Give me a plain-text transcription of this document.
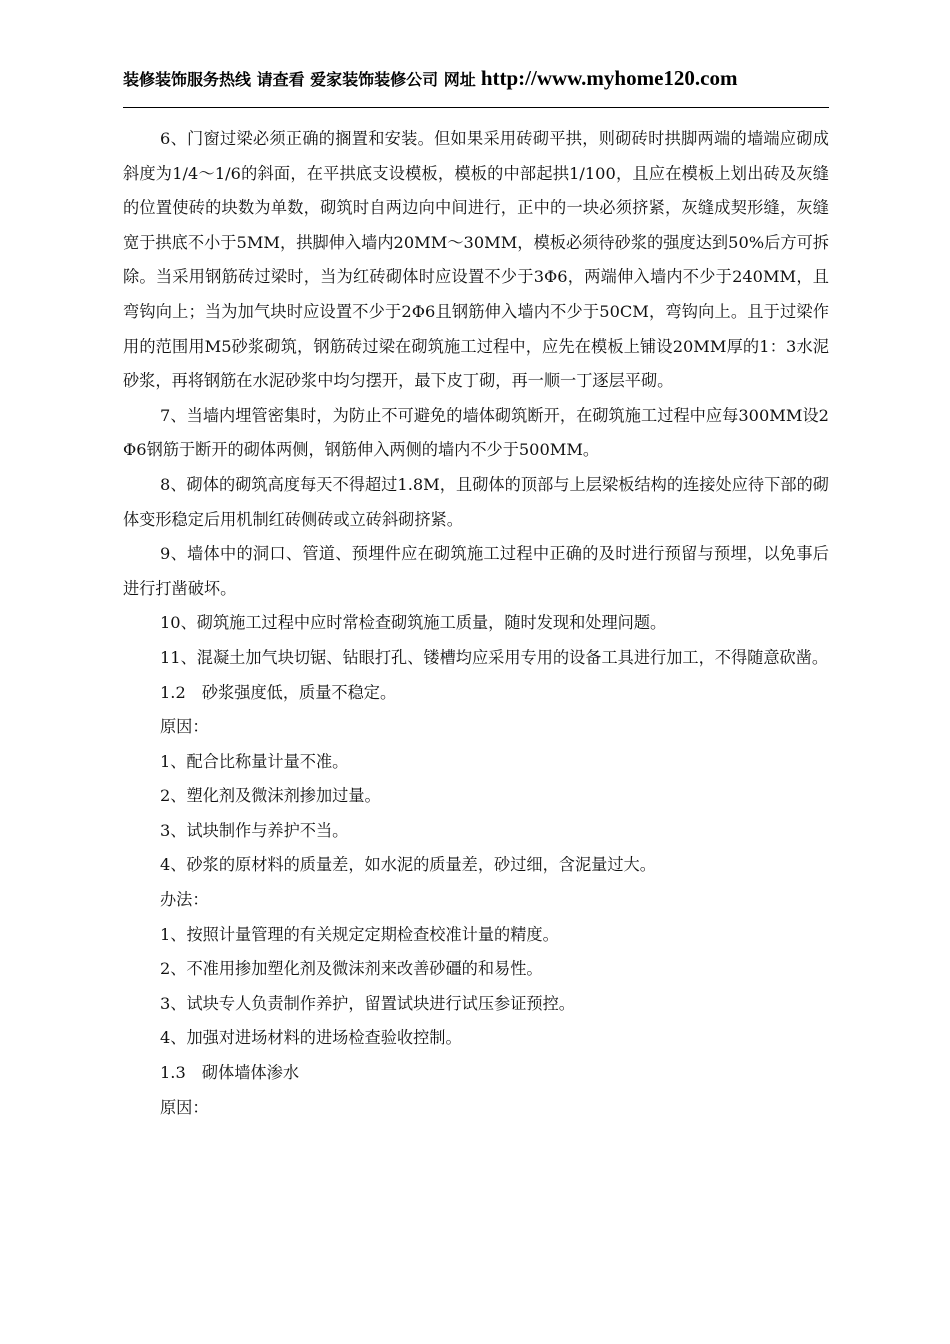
装修装饰服务热线 请查看 爱家装饰装修公司 网址 http://www.myhome120.com

6、门窗过梁必须正确的搁置和安装。但如果采用砖砌平拱，则砌砖时拱脚两端的墙端应砌成斜度为1/4～1/6的斜面，在平拱底支设模板，模板的中部起拱1/100，且应在模板上划出砖及灰缝的位置使砖的块数为单数，砌筑时自两边向中间进行，正中的一块必须挤紧，灰缝成契形缝，灰缝宽于拱底不小于5MM，拱脚伸入墙内20MM～30MM，模板必须待砂浆的强度达到50%后方可拆除。当采用钢筋砖过梁时，当为红砖砌体时应设置不少于3Φ6，两端伸入墙内不少于240MM，且弯钩向上；当为加气块时应设置不少于2Φ6且钢筋伸入墙内不少于50CM，弯钩向上。且于过梁作用的范围用M5砂浆砌筑，钢筋砖过梁在砌筑施工过程中，应先在模板上铺设20MM厚的1：3水泥砂浆，再将钢筋在水泥砂浆中均匀摆开，最下皮丁砌，再一顺一丁逐层平砌。

7、当墙内埋管密集时，为防止不可避免的墙体砌筑断开，在砌筑施工过程中应每300MM设2Φ6钢筋于断开的砌体两侧，钢筋伸入两侧的墙内不少于500MM。

8、砌体的砌筑高度每天不得超过1.8M，且砌体的顶部与上层梁板结构的连接处应待下部的砌体变形稳定后用机制红砖侧砖或立砖斜砌挤紧。

9、墙体中的洞口、管道、预埋件应在砌筑施工过程中正确的及时进行预留与预埋，以免事后进行打凿破坏。

10、砌筑施工过程中应时常检查砌筑施工质量，随时发现和处理问题。

11、混凝土加气块切锯、钻眼打孔、镂槽均应采用专用的设备工具进行加工，不得随意砍凿。

1.2　砂浆强度低，质量不稳定。

原因：

1、配合比称量计量不准。

2、塑化剂及微沫剂掺加过量。

3、试块制作与养护不当。

4、砂浆的原材料的质量差，如水泥的质量差，砂过细，含泥量过大。

办法：

1、按照计量管理的有关规定定期检查校准计量的精度。

2、不准用掺加塑化剂及微沫剂来改善砂礓的和易性。

3、试块专人负责制作养护，留置试块进行试压参证预控。

4、加强对进场材料的进场检查验收控制。

1.3　砌体墙体渗水

原因：
